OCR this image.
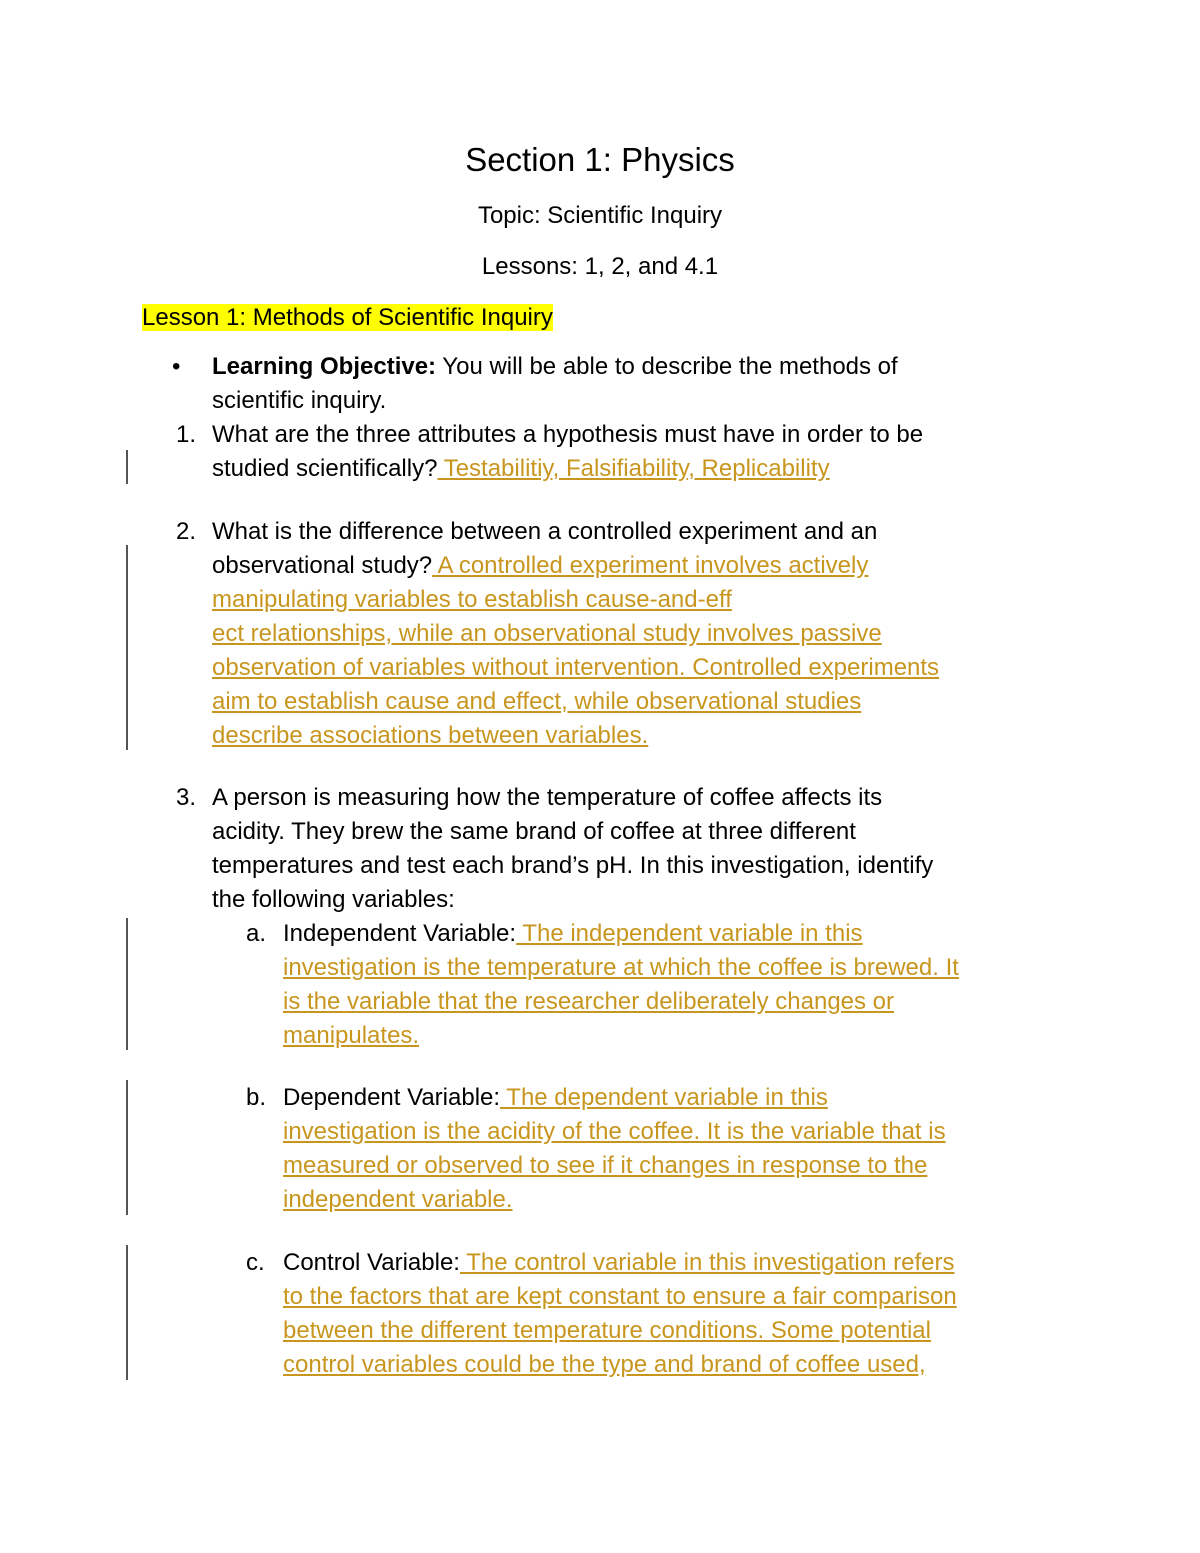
Section 1: Physics
Topic: Scientific Inquiry
Lessons: 1, 2, and 4.1
Lesson 1: Methods of Scientific Inquiry
• Learning Objective: You will be able to describe the methods of
scientific inquiry.
1. What are the three attributes a hypothesis must have in order to be
studied scientifically? Testabilitiy, Falsifiability, Replicability
2. What is the difference between a controlled experiment and an
observational study? A controlled experiment involves actively
manipulating variables to establish cause-and-eff
ect relationships, while an observational study involves passive
observation of variables without intervention. Controlled experiments
aim to establish cause and effect, while observational studies
describe associations between variables.
3. A person is measuring how the temperature of coffee affects its
acidity. They brew the same brand of coffee at three different
temperatures and test each brand’s pH. In this investigation, identify
the following variables:
a. Independent Variable: The independent variable in this
investigation is the temperature at which the coffee is brewed. It
is the variable that the researcher deliberately changes or
manipulates.
b. Dependent Variable: The dependent variable in this
investigation is the acidity of the coffee. It is the variable that is
measured or observed to see if it changes in response to the
independent variable.
c. Control Variable: The control variable in this investigation refers
to the factors that are kept constant to ensure a fair comparison
between the different temperature conditions. Some potential
control variables could be the type and brand of coffee used,
